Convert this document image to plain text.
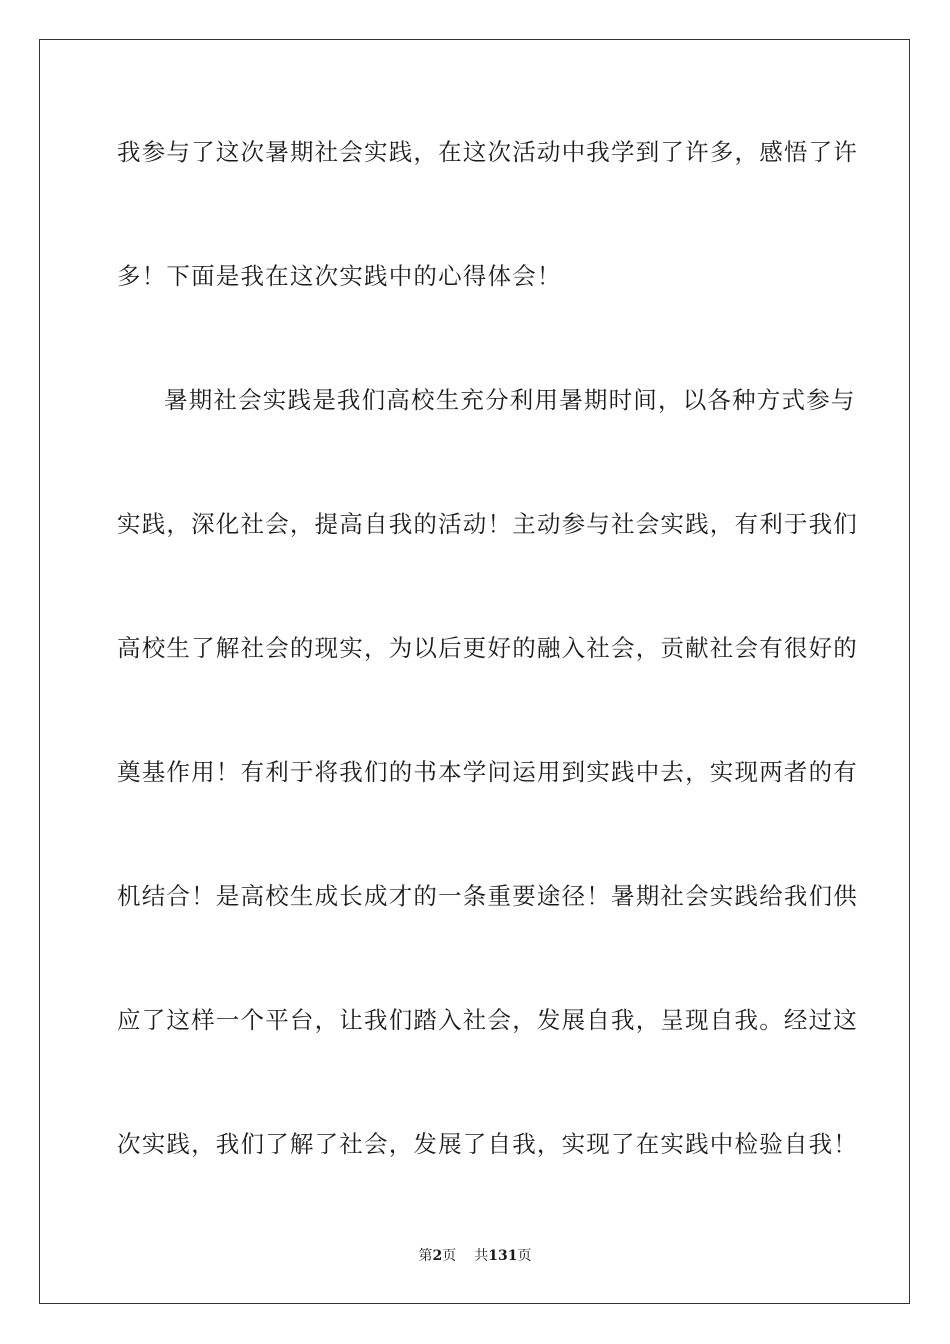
我参与了这次暑期社会实践，在这次活动中我学到了许多，感悟了许
多！下面是我在这次实践中的心得体会！
暑期社会实践是我们高校生充分利用暑期时间，以各种方式参与
实践，深化社会，提高自我的活动！主动参与社会实践，有利于我们
高校生了解社会的现实，为以后更好的融入社会，贡献社会有很好的
奠基作用！有利于将我们的书本学问运用到实践中去，实现两者的有
机结合！是高校生成长成才的一条重要途径！暑期社会实践给我们供
应了这样一个平台，让我们踏入社会，发展自我，呈现自我。经过这
次实践，我们了解了社会，发展了自我，实现了在实践中检验自我！
第2页 共131页
